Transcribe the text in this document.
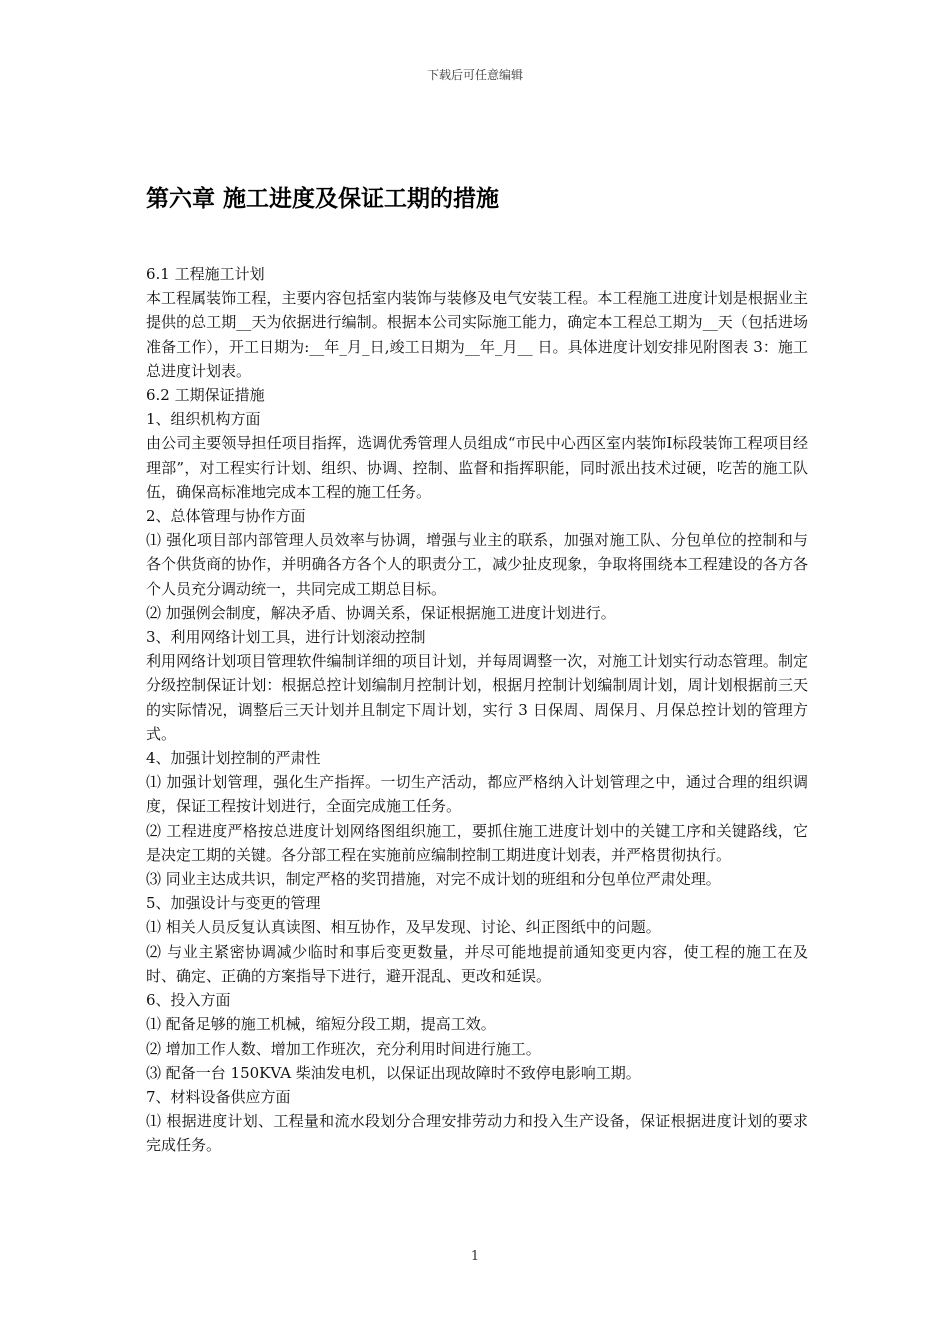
下载后可任意编辑
第六章 施工进度及保证工期的措施

6.1 工程施工计划

本工程属装饰工程，主要内容包括室内装饰与装修及电气安装工程。本工程施工进度计划是根据业主提供的总工期__天为依据进行编制。根据本公司实际施工能力，确定本工程总工期为__天（包括进场准备工作），开工日期为:__年_月_日,竣工日期为__年_月__ 日。具体进度计划安排见附图表 3：施工总进度计划表。

6.2 工期保证措施

1、组织机构方面

由公司主要领导担任项目指挥，选调优秀管理人员组成“市民中心西区室内装饰Ⅰ标段装饰工程项目经理部”，对工程实行计划、组织、协调、控制、监督和指挥职能，同时派出技术过硬，吃苦的施工队伍，确保高标准地完成本工程的施工任务。

2、总体管理与协作方面

⑴ 强化项目部内部管理人员效率与协调，增强与业主的联系，加强对施工队、分包单位的控制和与各个供货商的协作，并明确各方各个人的职责分工，减少扯皮现象，争取将围绕本工程建设的各方各个人员充分调动统一，共同完成工期总目标。

⑵ 加强例会制度，解决矛盾、协调关系，保证根据施工进度计划进行。

3、利用网络计划工具，进行计划滚动控制

利用网络计划项目管理软件编制详细的项目计划，并每周调整一次，对施工计划实行动态管理。制定分级控制保证计划：根据总控计划编制月控制计划，根据月控制计划编制周计划，周计划根据前三天的实际情况，调整后三天计划并且制定下周计划，实行 3 日保周、周保月、月保总控计划的管理方式。

4、加强计划控制的严肃性

⑴ 加强计划管理，强化生产指挥。一切生产活动，都应严格纳入计划管理之中，通过合理的组织调度，保证工程按计划进行，全面完成施工任务。

⑵ 工程进度严格按总进度计划网络图组织施工，要抓住施工进度计划中的关键工序和关键路线，它是决定工期的关键。各分部工程在实施前应编制控制工期进度计划表，并严格贯彻执行。

⑶ 同业主达成共识，制定严格的奖罚措施，对完不成计划的班组和分包单位严肃处理。

5、加强设计与变更的管理

⑴ 相关人员反复认真读图、相互协作，及早发现、讨论、纠正图纸中的问题。

⑵ 与业主紧密协调减少临时和事后变更数量，并尽可能地提前通知变更内容，使工程的施工在及时、确定、正确的方案指导下进行，避开混乱、更改和延误。

6、投入方面

⑴ 配备足够的施工机械，缩短分段工期，提高工效。

⑵ 增加工作人数、增加工作班次，充分利用时间进行施工。

⑶ 配备一台 150KVA 柴油发电机，以保证出现故障时不致停电影响工期。

7、材料设备供应方面

⑴ 根据进度计划、工程量和流水段划分合理安排劳动力和投入生产设备，保证根据进度计划的要求完成任务。

1
